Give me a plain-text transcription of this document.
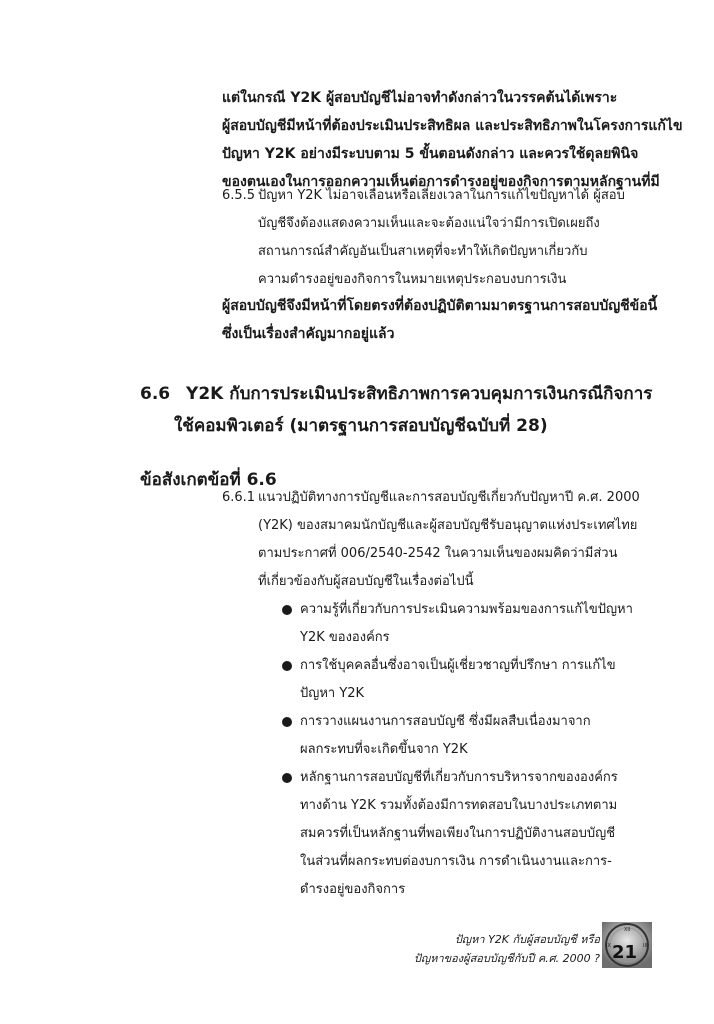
แต่ในกรณี Y2K ผู้สอบบัญชีไม่อาจทำดังกล่าวในวรรคต้นได้เพราะ
ผู้สอบบัญชีมีหน้าที่ต้องประเมินประสิทธิผล และประสิทธิภาพในโครงการแก้ไข
ปัญหา Y2K อย่างมีระบบตาม 5 ขั้นตอนดังกล่าว และควรใช้ดุลยพินิจ
ของตนเองในการออกความเห็นต่อการดำรงอยู่ของกิจการตามหลักฐานที่มี
6.5.5 ปัญหา Y2K ไม่อาจเลื่อนหรือเลี่ยงเวลาในการแก้ไขปัญหาได้ ผู้สอบ
บัญชีจึงต้องแสดงความเห็นและจะต้องแน่ใจว่ามีการเปิดเผยถึง
สถานการณ์สำคัญอันเป็นสาเหตุที่จะทำให้เกิดปัญหาเกี่ยวกับ
ความดำรงอยู่ของกิจการในหมายเหตุประกอบงบการเงิน
ผู้สอบบัญชีจึงมีหน้าที่โดยตรงที่ต้องปฏิบัติตามมาตรฐานการสอบบัญชีข้อนี้
ซึ่งเป็นเรื่องสำคัญมากอยู่แล้ว
6.6 Y2K กับการประเมินประสิทธิภาพการควบคุมการเงินกรณีกิจการ
ใช้คอมพิวเตอร์ (มาตรฐานการสอบบัญชีฉบับที่ 28)
ข้อสังเกตข้อที่ 6.6
6.6.1 แนวปฏิบัติทางการบัญชีและการสอบบัญชีเกี่ยวกับปัญหาปี ค.ศ. 2000
(Y2K) ของสมาคมนักบัญชีและผู้สอบบัญชีรับอนุญาตแห่งประเทศไทย
ตามประกาศที่ 006/2540-2542 ในความเห็นของผมคิดว่ามีส่วน
ที่เกี่ยวข้องกับผู้สอบบัญชีในเรื่องต่อไปนี้
ความรู้ที่เกี่ยวกับการประเมินความพร้อมของการแก้ไขปัญหา
Y2K ขององค์กร
การใช้บุคคลอื่นซึ่งอาจเป็นผู้เชี่ยวชาญที่ปรึกษา การแก้ไข
ปัญหา Y2K
การวางแผนงานการสอบบัญชี ซึ่งมีผลสืบเนื่องมาจาก
ผลกระทบที่จะเกิดขึ้นจาก Y2K
หลักฐานการสอบบัญชีที่เกี่ยวกับการบริหารจากขององค์กร
ทางด้าน Y2K รวมทั้งต้องมีการทดสอบในบางประเภทตาม
สมควรที่เป็นหลักฐานที่พอเพียงในการปฏิบัติงานสอบบัญชี
ในส่วนที่ผลกระทบต่องบการเงิน การดำเนินงานและการ-
ดำรงอยู่ของกิจการ
ปัญหา Y2K กับผู้สอบบัญชี หรือ
ปัญหาของผู้สอบบัญชีกับปี ค.ศ. 2000 ?
XII
IX	III
21
